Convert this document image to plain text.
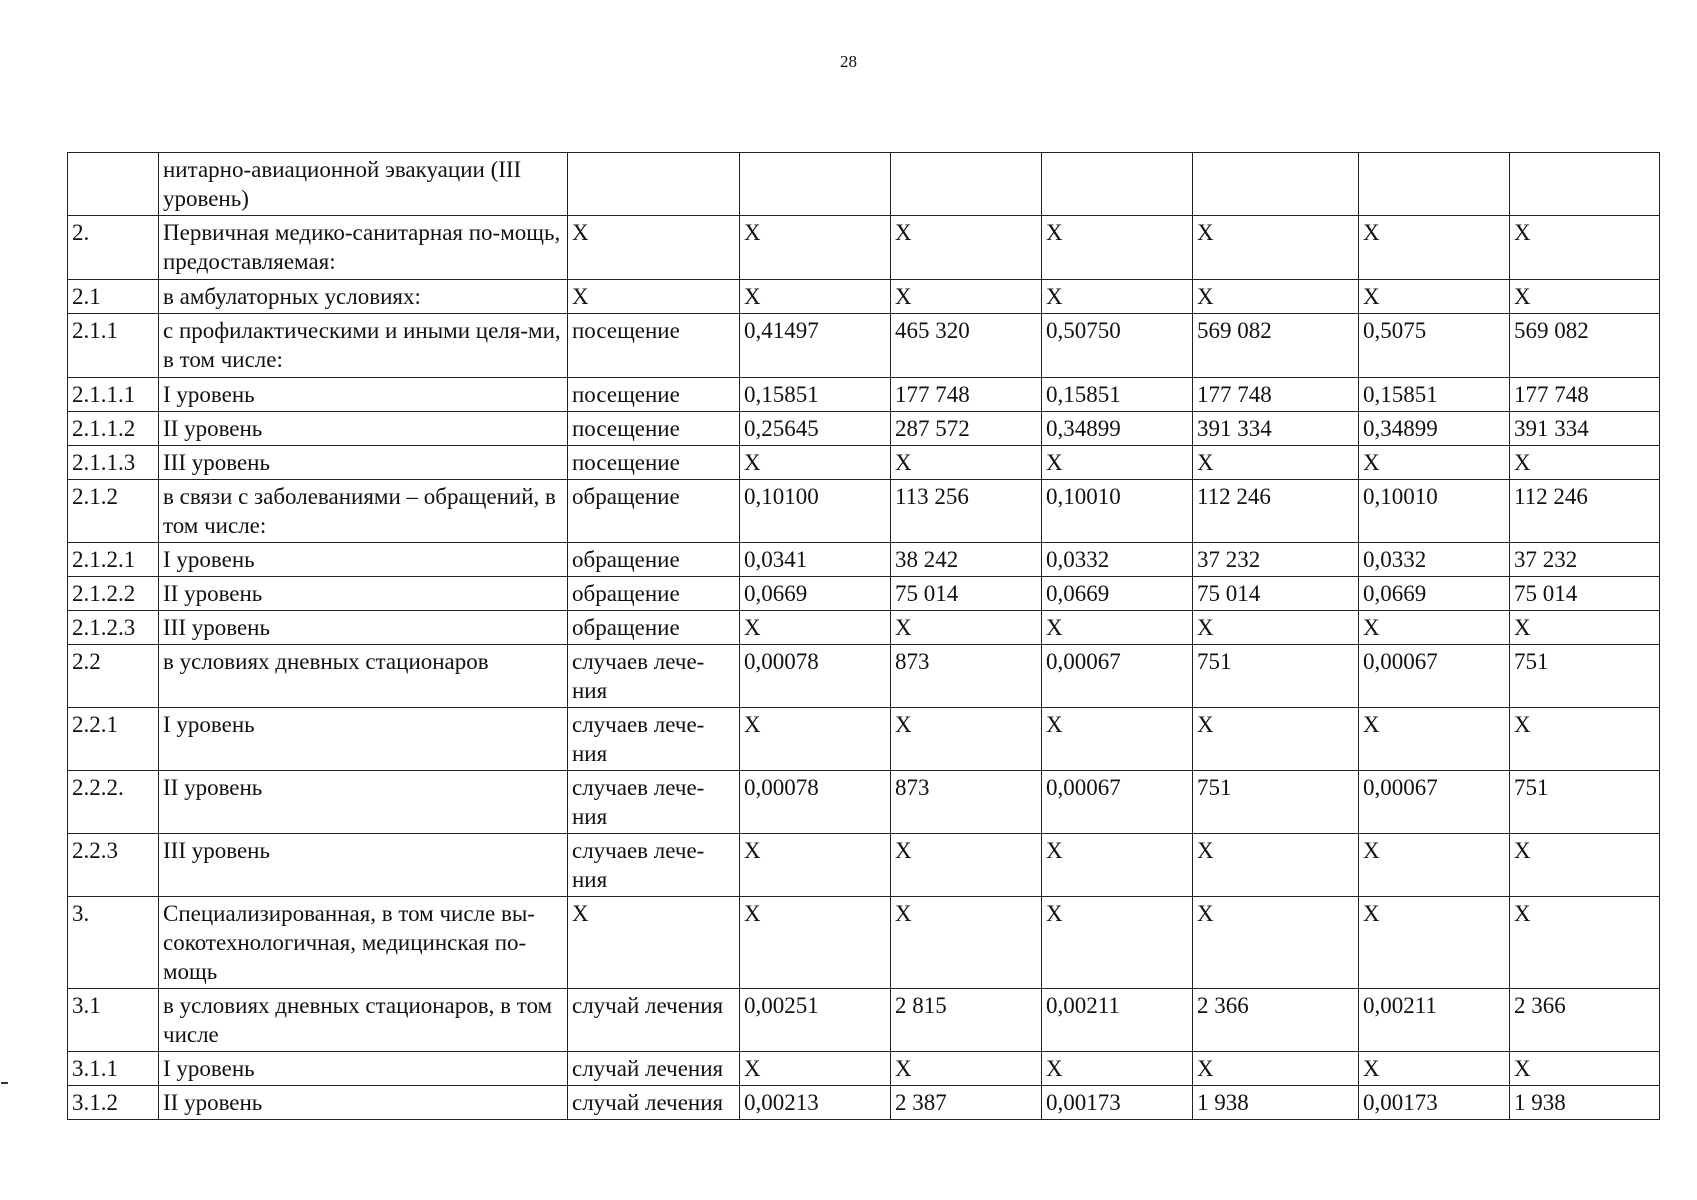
28
	нитарно-авиационной эвакуации (III уровень)							
2.	Первичная медико-санитарная по-мощь, предоставляемая:	X	X	X	X	X	X	X
2.1	в амбулаторных условиях:	X	X	X	X	X	X	X
2.1.1	с профилактическими и иными целя-ми, в том числе:	посещение	0,41497	465 320	0,50750	569 082	0,5075	569 082
2.1.1.1	I уровень	посещение	0,15851	177 748	0,15851	177 748	0,15851	177 748
2.1.1.2	II уровень	посещение	0,25645	287 572	0,34899	391 334	0,34899	391 334
2.1.1.3	III уровень	посещение	X	X	X	X	X	X
2.1.2	в связи с заболеваниями – обращений, в том числе:	обращение	0,10100	113 256	0,10010	112 246	0,10010	112 246
2.1.2.1	I уровень	обращение	0,0341	38 242	0,0332	37 232	0,0332	37 232
2.1.2.2	II уровень	обращение	0,0669	75 014	0,0669	75 014	0,0669	75 014
2.1.2.3	III уровень	обращение	X	X	X	X	X	X
2.2	в условиях дневных стационаров	случаев лече-ния	0,00078	873	0,00067	751	0,00067	751
2.2.1	I уровень	случаев лече-ния	X	X	X	X	X	X
2.2.2.	II уровень	случаев лече-ния	0,00078	873	0,00067	751	0,00067	751
2.2.3	III уровень	случаев лече-ния	X	X	X	X	X	X
3.	Специализированная, в том числе вы-сокотехнологичная, медицинская по-мощь	X	X	X	X	X	X	X
3.1	в условиях дневных стационаров, в том числе	случай лечения	0,00251	2 815	0,00211	2 366	0,00211	2 366
3.1.1	I уровень	случай лечения	X	X	X	X	X	X
3.1.2	II уровень	случай лечения	0,00213	2 387	0,00173	1 938	0,00173	1 938
